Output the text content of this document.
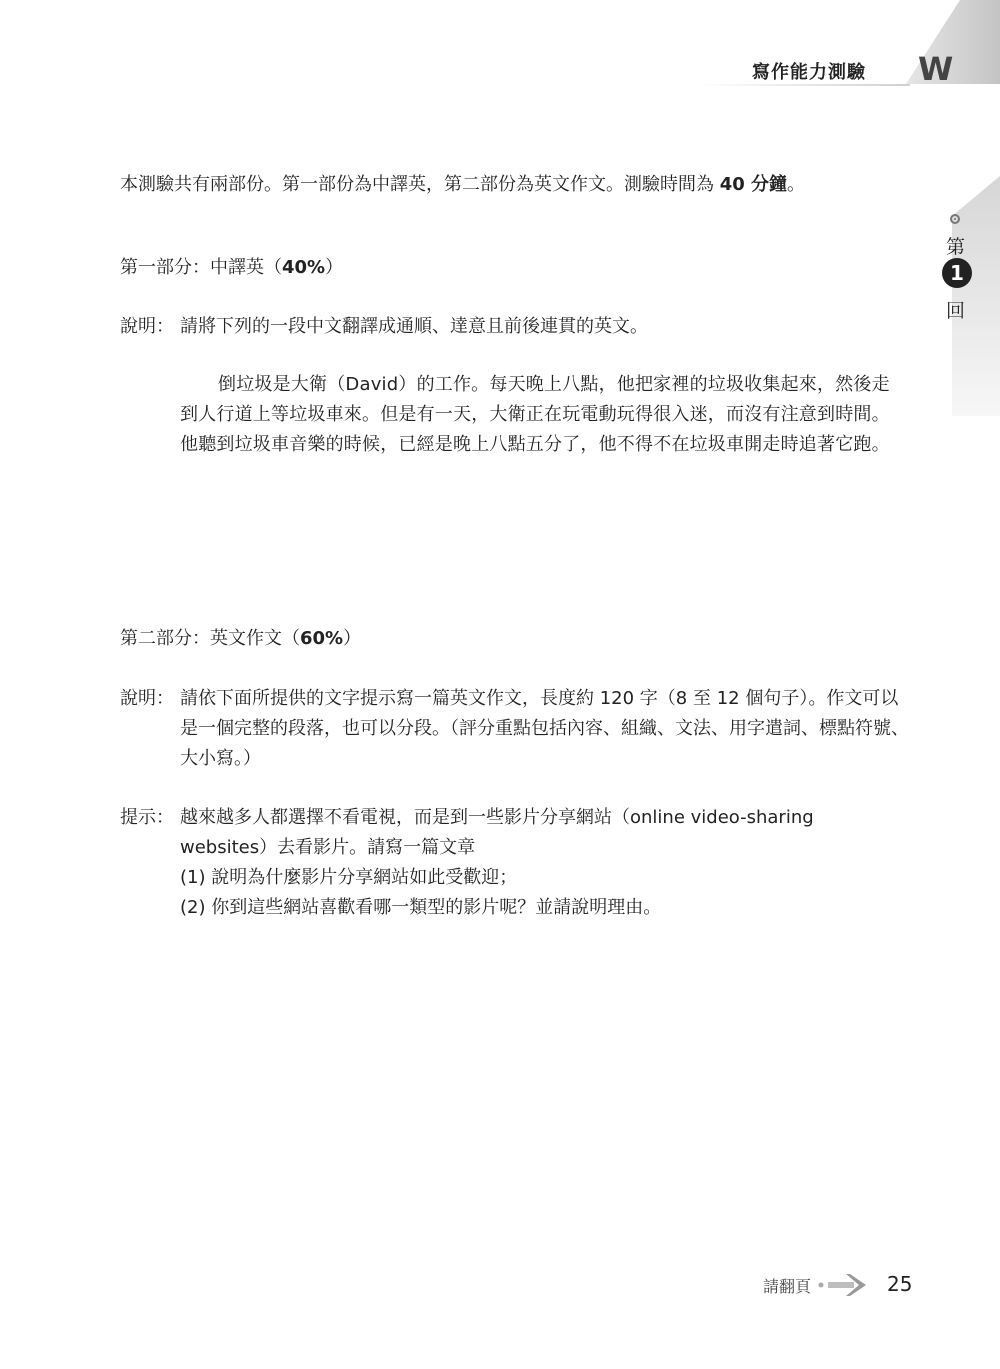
寫作能力測驗 W
第
1
回
本測驗共有兩部份。第一部份為中譯英，第二部份為英文作文。測驗時間為 40 分鐘。
第一部分：中譯英（40%）
說明： 請將下列的一段中文翻譯成通順、達意且前後連貫的英文。
倒垃圾是大衛（David）的工作。每天晚上八點，他把家裡的垃圾收集起來，然後走到人行道上等垃圾車來。但是有一天，大衛正在玩電動玩得很入迷，而沒有注意到時間。他聽到垃圾車音樂的時候，已經是晚上八點五分了，他不得不在垃圾車開走時追著它跑。
第二部分：英文作文（60%）
說明： 請依下面所提供的文字提示寫一篇英文作文，長度約 120 字（8 至 12 個句子）。作文可以是一個完整的段落，也可以分段。（評分重點包括內容、組織、文法、用字遣詞、標點符號、大小寫。）
提示： 越來越多人都選擇不看電視，而是到一些影片分享網站（online video-sharing websites）去看影片。請寫一篇文章
(1) 說明為什麼影片分享網站如此受歡迎；
(2) 你到這些網站喜歡看哪一類型的影片呢？並請說明理由。
請翻頁	25
